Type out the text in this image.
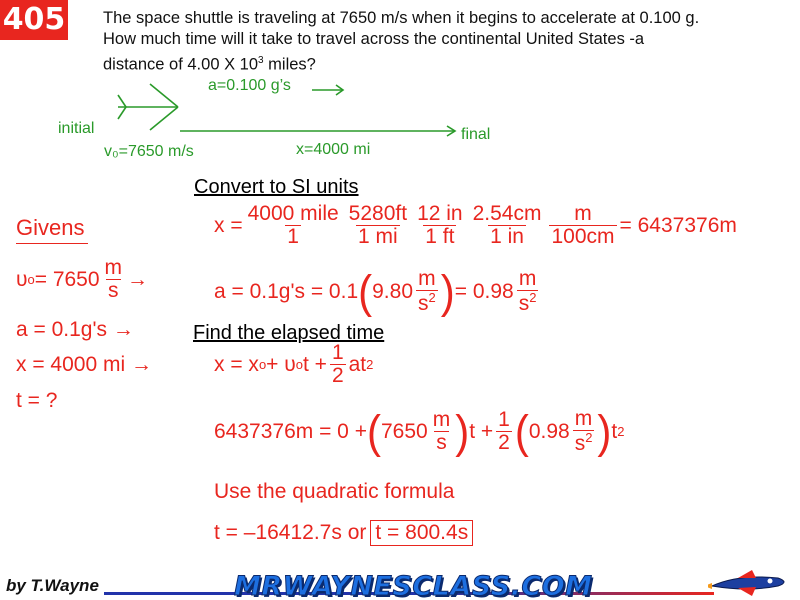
405 The space shuttle is traveling at 7650 m/s when it begins to accelerate at 0.100 g.
How much time will it take to travel across the continental United States -a
distance of 4.00 X $10^3$ miles?
a=0.100 g’s
initial	final
v₀=7650 m/s	x=4000 mi
Convert to SI units
Find the elapsed time
Givens
υ $o = 7650 \frac{m}{s}$ →
a = 0.1g's →
x = 4000 mi →
t = ?
$x = \frac{\text{4000 mile}}{1} \frac{5280ft}{1 mi} \frac{12 in}{1 ft} \frac{2.54cm}{1 in} \frac{m}{100cm} = 6437376m$
a = 0.1g's = 0.1 ( $9.80 \frac{m}{s^2}$ ) = $0.98 \frac{m}{s^2}$
x = x o + υ o $t + \frac{1}{2}$ at 2
6437376m = 0 + ( $7650 \frac{m}{s}$ ) $t + \frac{1}{2}$ ( $0.98 \frac{m}{s^2}$ ) t 2
Use the quadratic formula
t = –16412.7s or t = 800.4s
by T.Wayne	MRWAYNESCLASS.COM
